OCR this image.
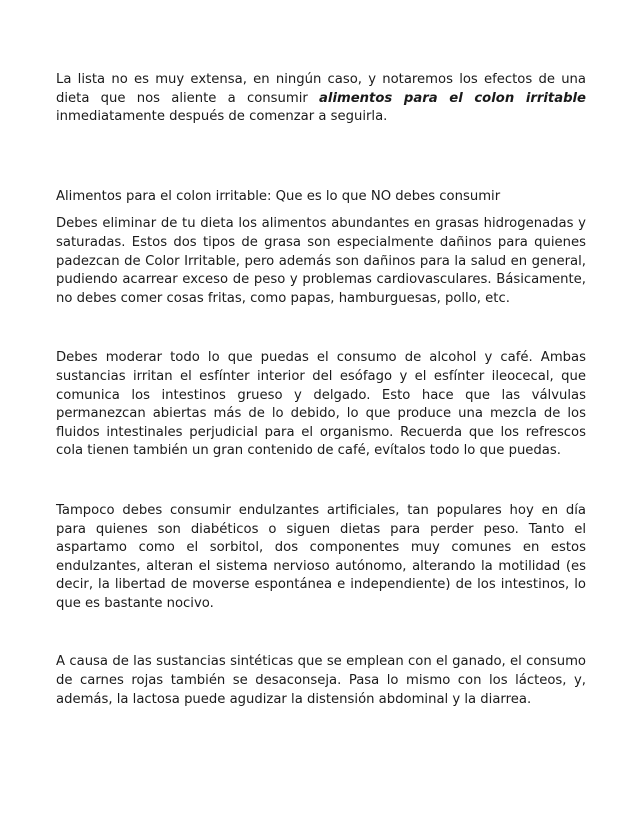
La lista no es muy extensa, en ningún caso, y notaremos los efectos de una dieta que nos aliente a consumir alimentos para el colon irritable inmediatamente después de comenzar a seguirla.

Alimentos para el colon irritable: Que es lo que NO debes consumir

Debes eliminar de tu dieta los alimentos abundantes en grasas hidrogenadas y saturadas. Estos dos tipos de grasa son especialmente dañinos para quienes padezcan de Color Irritable, pero además son dañinos para la salud en general, pudiendo acarrear exceso de peso y problemas cardiovasculares. Básicamente, no debes comer cosas fritas, como papas, hamburguesas, pollo, etc.

Debes moderar todo lo que puedas el consumo de alcohol y café. Ambas sustancias irritan el esfínter interior del esófago y el esfínter ileocecal, que comunica los intestinos grueso y delgado. Esto hace que las válvulas permanezcan abiertas más de lo debido, lo que produce una mezcla de los fluidos intestinales perjudicial para el organismo. Recuerda que los refrescos cola tienen también un gran contenido de café, evítalos todo lo que puedas.

Tampoco debes consumir endulzantes artificiales, tan populares hoy en día para quienes son diabéticos o siguen dietas para perder peso. Tanto el aspartamo como el sorbitol, dos componentes muy comunes en estos endulzantes, alteran el sistema nervioso autónomo, alterando la motilidad (es decir, la libertad de moverse espontánea e independiente) de los intestinos, lo que es bastante nocivo.

A causa de las sustancias sintéticas que se emplean con el ganado, el consumo de carnes rojas también se desaconseja. Pasa lo mismo con los lácteos, y, además, la lactosa puede agudizar la distensión abdominal y la diarrea.
